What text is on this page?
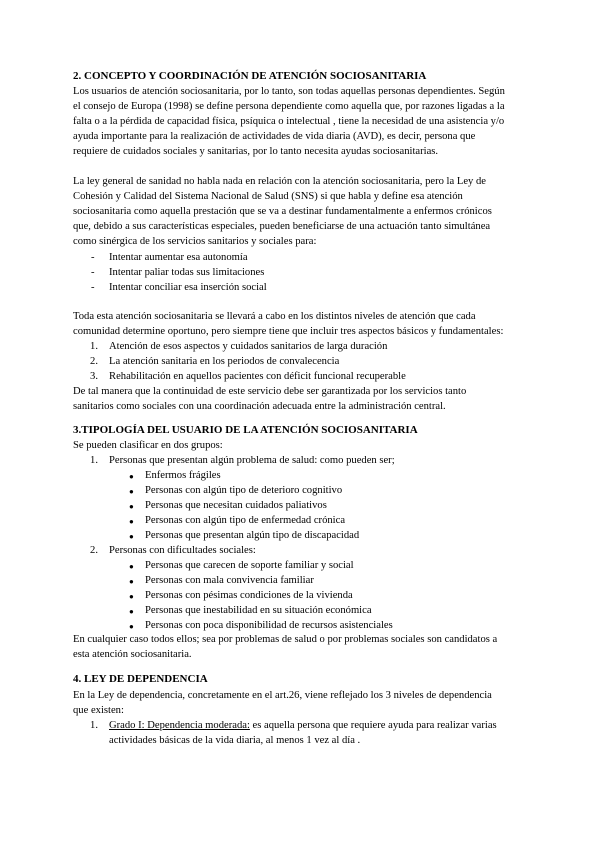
2. CONCEPTO Y COORDINACIÓN DE ATENCIÓN SOCIOSANITARIA
Los usuarios de atención sociosanitaria, por lo tanto, son todas aquellas personas dependientes. Según
el consejo de Europa (1998) se define persona dependiente como aquella que, por razones ligadas a la
falta o a la pérdida de capacidad física, psíquica o intelectual , tiene la necesidad de una asistencia y/o
ayuda importante para la realización de actividades de vida diaria (AVD), es decir, persona que
requiere de cuidados sociales y sanitarias, por lo tanto necesita ayudas sociosanitarias.
La ley general de sanidad no habla nada en relación con la atención sociosanitaria, pero la Ley de
Cohesión y Calidad del Sistema Nacional de Salud (SNS) si que habla y define esa atención
sociosanitaria como aquella prestación que se va a destinar fundamentalmente a enfermos crónicos
que, debido a sus características especiales, pueden beneficiarse de una actuación tanto simultánea
como sinérgica de los servicios sanitarios y sociales para:
- Intentar aumentar esa autonomía
- Intentar paliar todas sus limitaciones
- Intentar conciliar esa inserción social
Toda esta atención sociosanitaria se llevará a cabo en los distintos niveles de atención que cada
comunidad determine oportuno, pero siempre tiene que incluir tres aspectos básicos y fundamentales:
1. Atención de esos aspectos y cuidados sanitarios de larga duración
2. La atención sanitaria en los periodos de convalecencia
3. Rehabilitación en aquellos pacientes con déficit funcional recuperable
De tal manera que la continuidad de este servicio debe ser garantizada por los servicios tanto
sanitarios como sociales con una coordinación adecuada entre la administración central.
3.TIPOLOGÍA DEL USUARIO DE LA ATENCIÓN SOCIOSANITARIA
Se pueden clasificar en dos grupos:
1. Personas que presentan algún problema de salud: como pueden ser;
● Enfermos frágiles
● Personas con algún tipo de deterioro cognitivo
● Personas que necesitan cuidados paliativos
● Personas con algún tipo de enfermedad crónica
● Personas que presentan algún tipo de discapacidad
2. Personas con dificultades sociales:
● Personas que carecen de soporte familiar y social
● Personas con mala convivencia familiar
● Personas con pésimas condiciones de la vivienda
● Personas que inestabilidad en su situación económica
● Personas con poca disponibilidad de recursos asistenciales
En cualquier caso todos ellos; sea por problemas de salud o por problemas sociales son candidatos a
esta atención sociosanitaria.
4. LEY DE DEPENDENCIA
En la Ley de dependencia, concretamente en el art.26, viene reflejado los 3 niveles de dependencia
que existen:
1. Grado I: Dependencia moderada: es aquella persona que requiere ayuda para realizar varias
actividades básicas de la vida diaria, al menos 1 vez al día .
